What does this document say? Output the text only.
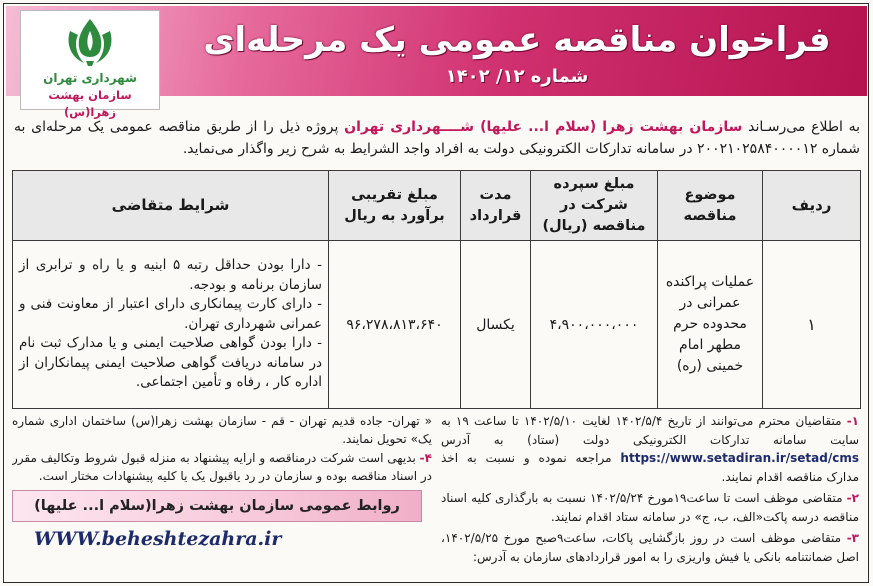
فراخوان مناقصه عمومی یک مرحله‌ای
شماره ۱۲/ ۱۴۰۲
شهرداری تهران
سازمان بهشت زهرا(س)

به اطلاع می‌رسـاند سازمان بهشت زهرا (سلام ا... علیها) شــــهرداری تهران پروژه ذیل را از طریق مناقصه عمومی یک مرحله‌ای به شماره ۲۰۰۲۱۰۲۵۸۴۰۰۰۰۱۲ در سامانه تدارکات الکترونیکی دولت به افراد واجد الشرایط به شرح زیر واگذار می‌نماید.

ردیف	موضوع مناقصه	مبلغ سپرده شرکت در مناقصه (ریال)	مدت قرارداد	مبلغ تقریبی برآورد به ریال	شرایط متقاضی
۱	عملیات پراکنده عمرانی در محدوده حرم مطهر امام خمینی (ره)	۴،۹۰۰،۰۰۰،۰۰۰	یکسال	۹۶،۲۷۸،۸۱۳،۶۴۰	- دارا بودن حداقل رتبه ۵ ابنیه و یا راه و ترابری از سازمان برنامه و بودجه.
- دارای کارت پیمانکاری دارای اعتبار از معاونت فنی و عمرانی شهرداری تهران.
- دارا بودن گواهی صلاحیت ایمنی و یا مدارک ثبت نام در سامانه دریافت گواهی صلاحیت ایمنی پیمانکاران از اداره کار ، رفاه و تأمین اجتماعی.

۱- متقاضیان محترم می‌توانند از تاریخ ۱۴۰۲/۵/۴ لغایت ۱۴۰۲/۵/۱۰ تا ساعت ۱۹ به سایت سامانه تدارکات الکترونیکی دولت (ستاد) به آدرس https://www.setadiran.ir/setad/cms مراجعه نموده و نسبت به اخذ مدارک مناقصه اقدام نمایند.

۲- متقاضی موظف است تا ساعت۱۹مورخ ۱۴۰۲/۵/۲۴ نسبت به بارگذاری کلیه اسناد مناقصه درسه پاکت«الف، ب، ج» در سامانه ستاد اقدام نمایند.

۳- متقاضی موظف است در روز بازگشایی پاکات، ساعت۹صبح مورخ ۱۴۰۲/۵/۲۵، اصل ضمانتنامه بانکی یا فیش واریزی را به امور قراردادهای سازمان به آدرس:

« تهران- جاده قدیم تهران - قم - سازمان بهشت زهرا(س) ساختمان اداری شماره یک» تحویل نمایند.

۴- بدیهی است شرکت درمناقصه و ارایه پیشنهاد به منزله قبول شروط وتکالیف مقرر در اسناد مناقصه بوده و سازمان در رد یاقبول یک یا کلیه پیشنهادات مختار است.

روابط عمومی سازمان بهشت زهرا(سلام ا... علیها)
WWW.beheshtezahra.ir
